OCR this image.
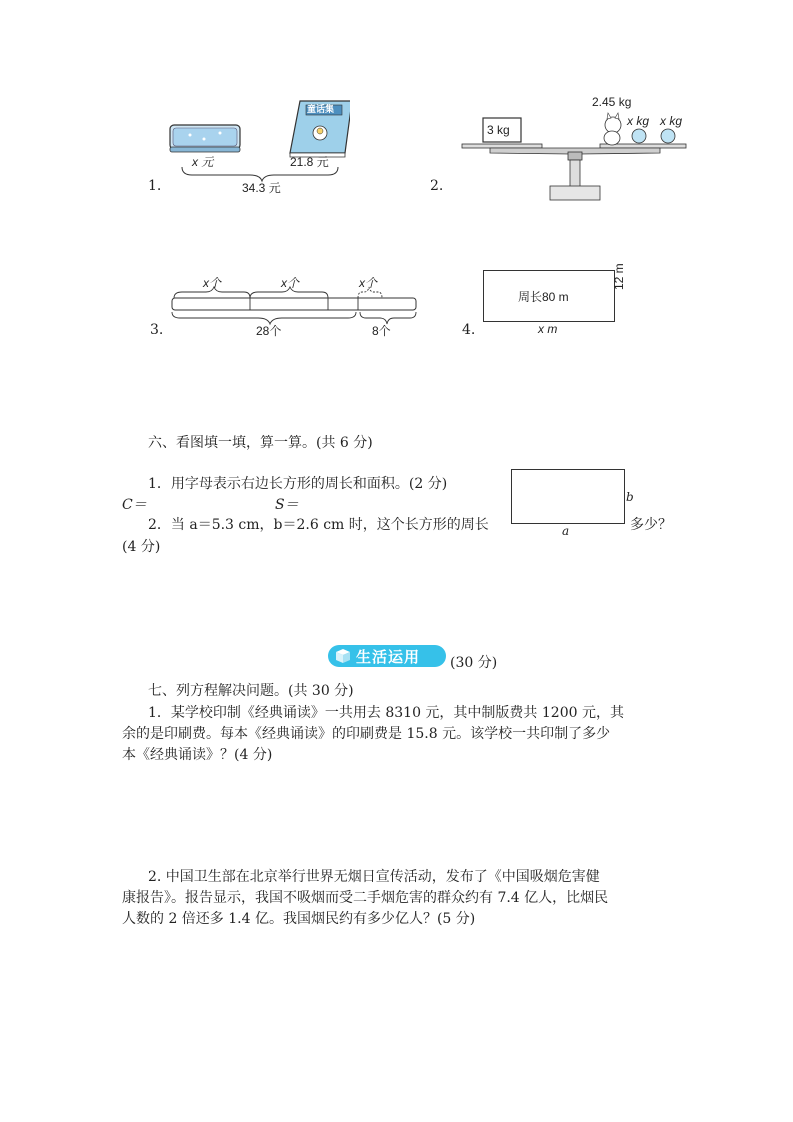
x 元	21.8 元
34.3 元
童话集
1.	2.
3 kg
2.45 kg
x kg x kg
3.
x个	x个	x个
28个	8个	4.
周长80 m
12 m
x m
六、看图填一填，算一算。(共 6 分)
1．用字母表示右边长方形的周长和面积。(2 分)
C＝	S＝
2．当 a＝5.3 cm，b＝2.6 cm 时，这个长方形的周长	a
b
多少？
(4 分)
生活运用 (30 分)
七、列方程解决问题。(共 30 分)
1．某学校印制《经典诵读》一共用去 8310 元，其中制版费共 1200 元，其
余的是印刷费。每本《经典诵读》的印刷费是 15.8 元。该学校一共印制了多少
本《经典诵读》？(4 分)
2. 中国卫生部在北京举行世界无烟日宣传活动，发布了《中国吸烟危害健
康报告》。报告显示，我国不吸烟而受二手烟危害的群众约有 7.4 亿人，比烟民
人数的 2 倍还多 1.4 亿。我国烟民约有多少亿人？(5 分)
